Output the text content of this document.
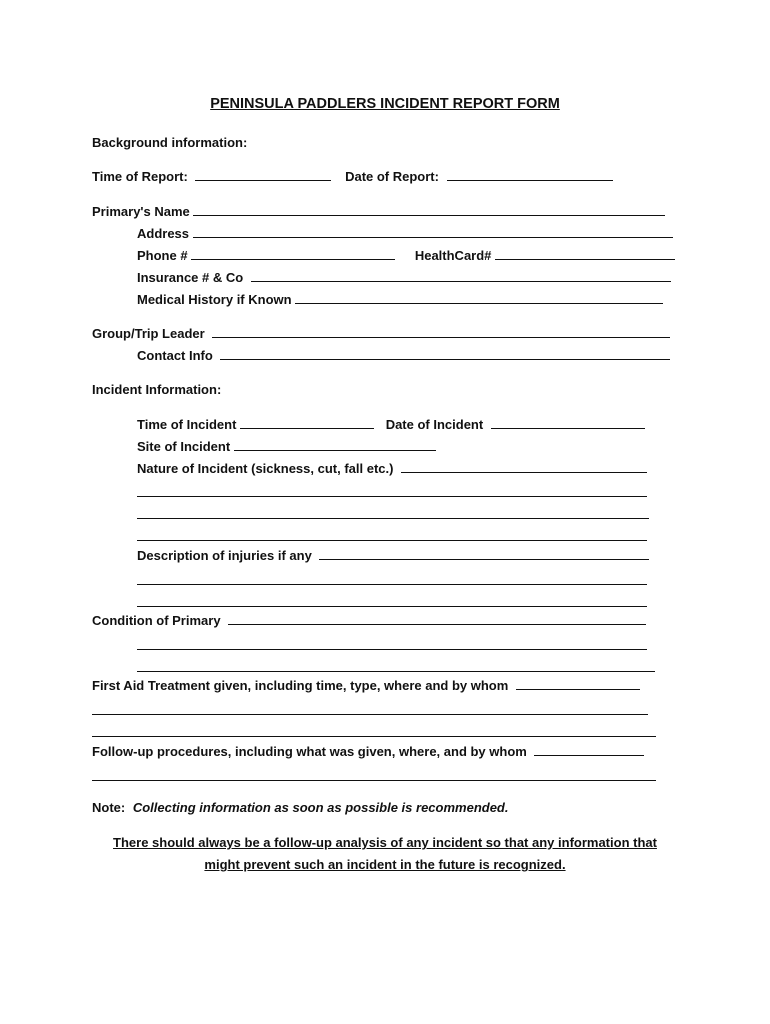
PENINSULA PADDLERS INCIDENT REPORT FORM
Background information:
Time of Report:	Date of Report:
Primary's Name
Address
Phone #	HealthCard#
Insurance # & Co
Medical History if Known
Group/Trip Leader
Contact Info
Incident Information:
Time of Incident	Date of Incident
Site of Incident
Nature of Incident (sickness, cut, fall etc.)
Description of injuries if any
Condition of Primary
First Aid Treatment given, including time, type, where and by whom
Follow-up procedures, including what was given, where, and by whom
Note: Collecting information as soon as possible is recommended.
There should always be a follow-up analysis of any incident so that any information that
might prevent such an incident in the future is recognized.
